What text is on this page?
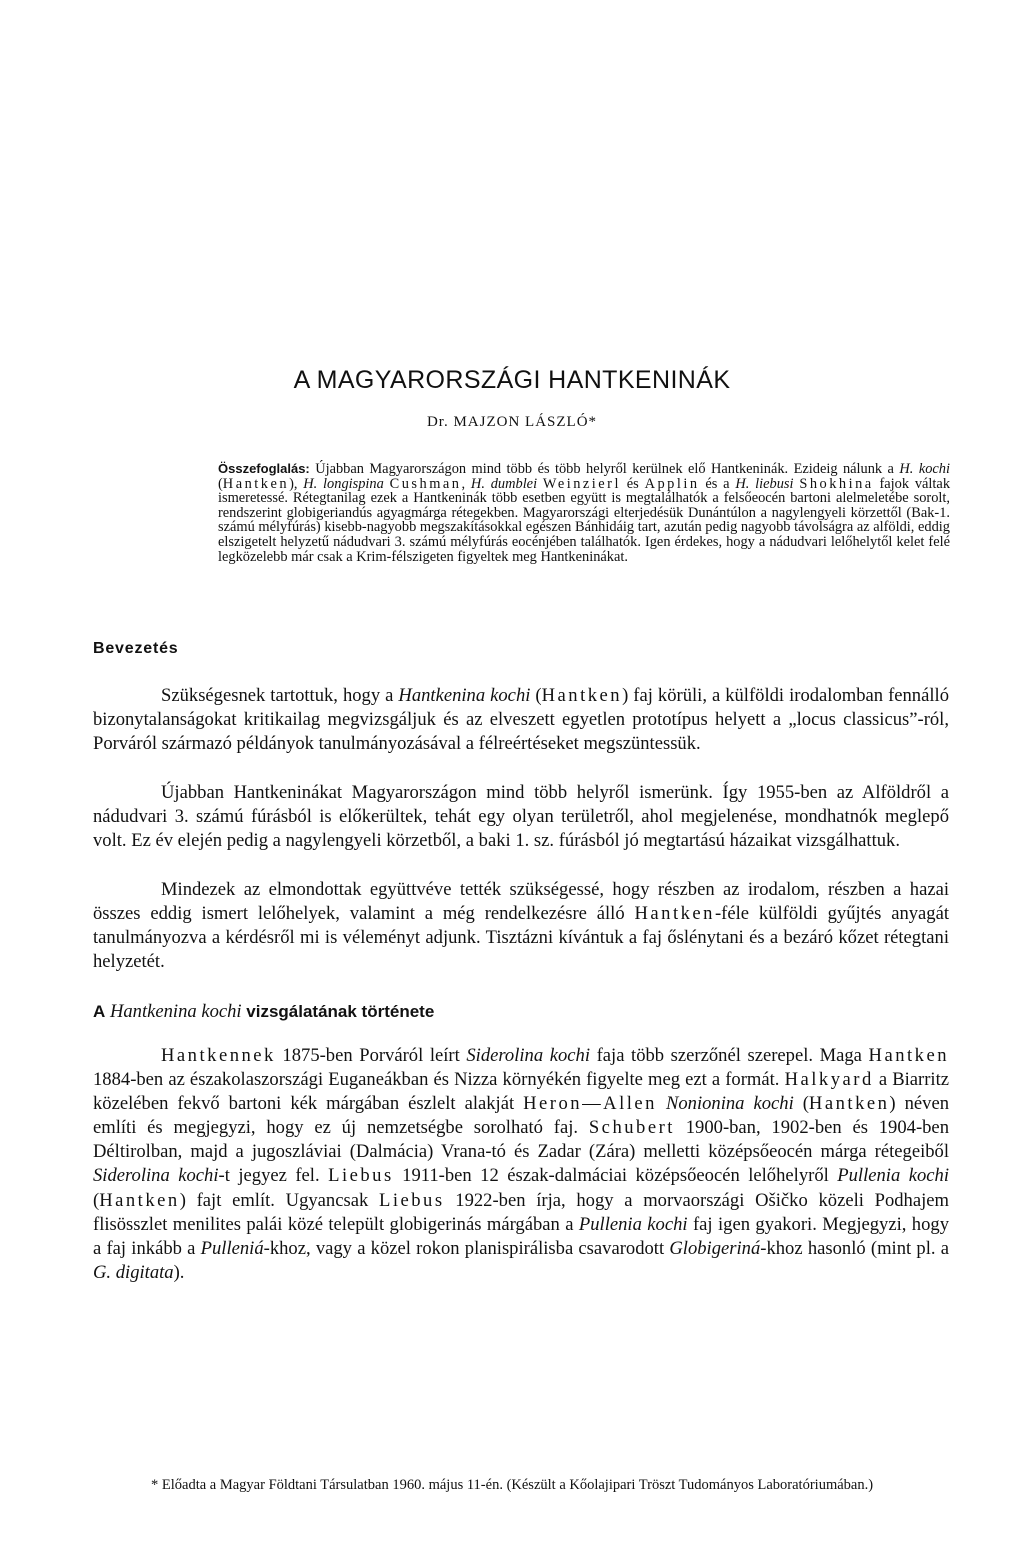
A MAGYARORSZÁGI HANTKENINÁK
Dr. MAJZON LÁSZLÓ*

Összefoglalás: Újabban Magyarországon mind több és több helyről kerülnek elő Hantkeninák. Ezideig nálunk a H. kochi (Hantken), H. longispina Cushman, H. dumblei Weinzierl és Applin és a H. liebusi Shokhina fajok váltak ismeretessé. Rétegtanilag ezek a Hantkeninák több esetben együtt is megtalálhatók a felsőeocén bartoni alelmeletébe sorolt, rendszerint globigeriandús agyagmárga rétegekben. Magyarországi elterjedésük Dunántúlon a nagylengyeli körzettől (Bak-1. számú mélyfúrás) kisebb-nagyobb megszakításokkal egészen Bánhidáig tart, azután pedig nagyobb távolságra az alföldi, eddig elszigetelt helyzetű nádudvari 3. számú mélyfúrás eocénjében találhatók. Igen érdekes, hogy a nádudvari lelőhelytől kelet felé legközelebb már csak a Krim-félszigeten figyeltek meg Hantkeninákat.

Bevezetés

Szükségesnek tartottuk, hogy a Hantkenina kochi (Hantken) faj körüli, a külföldi irodalomban fennálló bizonytalanságokat kritikailag megvizsgáljuk és az elveszett egyetlen prototípus helyett a „locus classicus”-ról, Porváról származó példányok tanulmányozásával a félreértéseket megszüntessük.

Újabban Hantkeninákat Magyarországon mind több helyről ismerünk. Így 1955-ben az Alföldről a nádudvari 3. számú fúrásból is előkerültek, tehát egy olyan területről, ahol megjelenése, mondhatnók meglepő volt. Ez év elején pedig a nagylengyeli körzetből, a baki 1. sz. fúrásból jó megtartású házaikat vizsgálhattuk.

Mindezek az elmondottak együttvéve tették szükségessé, hogy részben az irodalom, részben a hazai összes eddig ismert lelőhelyek, valamint a még rendelkezésre álló Hantken-féle külföldi gyűjtés anyagát tanulmányozva a kérdésről mi is véleményt adjunk. Tisztázni kívántuk a faj őslénytani és a bezáró kőzet rétegtani helyzetét.

A Hantkenina kochi vizsgálatának története

Hantkennek 1875-ben Porváról leírt Siderolina kochi faja több szerzőnél szerepel. Maga Hantken 1884-ben az északolaszországi Euganeákban és Nizza környékén figyelte meg ezt a formát. Halkyard a Biarritz közelében fekvő bartoni kék márgában észlelt alakját Heron—Allen Nonionina kochi (Hantken) néven említi és megjegyzi, hogy ez új nemzetségbe sorolható faj. Schubert 1900-ban, 1902-ben és 1904-ben Déltirolban, majd a jugoszláviai (Dalmácia) Vrana-tó és Zadar (Zára) melletti középsőeocén márga rétegeiből Siderolina kochi-t jegyez fel. Liebus 1911-ben 12 észak-dalmáciai középsőeocén lelőhelyről Pullenia kochi (Hantken) fajt említ. Ugyancsak Liebus 1922-ben írja, hogy a morvaországi Ošičko közeli Podhajem flisösszlet menilites palái közé települt globigerinás márgában a Pullenia kochi faj igen gyakori. Megjegyzi, hogy a faj inkább a Pulleniá-khoz, vagy a közel rokon planispirálisba csavarodott Globigeriná-khoz hasonló (mint pl. a G. digitata).

* Előadta a Magyar Földtani Társulatban 1960. május 11-én. (Készült a Kőolajipari Tröszt Tudományos Laboratóriumában.)
